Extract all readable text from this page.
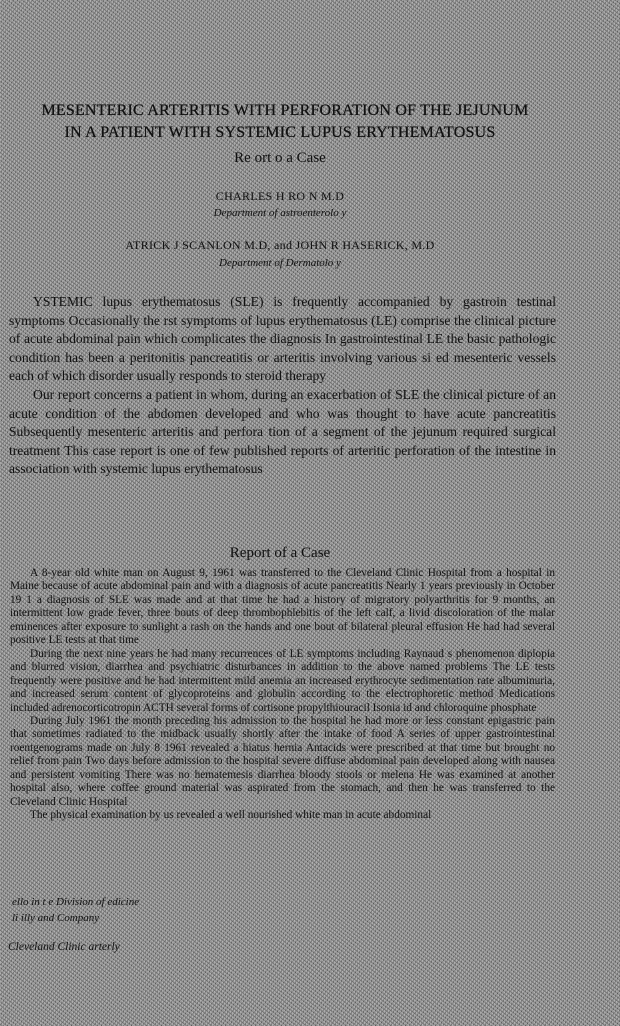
MESENTERIC ARTERITIS WITH PERFORATION OF THE JEJUNUM
IN A PATIENT WITH SYSTEMIC LUPUS ERYTHEMATOSUS
Re ort o a Case
CHARLES H RO N M.D
Department of astroenterolo y
ATRICK J SCANLON M.D, and JOHN R HASERICK, M.D
Department of Dermatolo y

YSTEMIC lupus erythematosus (SLE) is frequently accompanied by gastroin testinal symptoms Occasionally the rst symptoms of lupus erythematosus (LE) comprise the clinical picture of acute abdominal pain which complicates the diagnosis In gastrointestinal LE the basic pathologic condition has been a peritonitis pancreatitis or arteritis involving various si ed mesenteric vessels each of which disorder usually responds to steroid therapy

Our report concerns a patient in whom, during an exacerbation of SLE the clinical picture of an acute condition of the abdomen developed and who was thought to have acute pancreatitis Subsequently mesenteric arteritis and perfora tion of a segment of the jejunum required surgical treatment This case report is one of few published reports of arteritic perforation of the intestine in association with systemic lupus erythematosus

Report of a Case

A 8-year old white man on August 9, 1961 was transferred to the Cleveland Clinic Hospital from a hospital in Maine because of acute abdominal pain and with a diagnosis of acute pancreatitis Nearly 1 years previously in October 19 1 a diagnosis of SLE was made and at that time he had a history of migratory polyarthritis for 9 months, an intermittent low grade fever, three bouts of deep thrombophlebitis of the left calf, a livid discoloration of the malar eminences after exposure to sunlight a rash on the hands and one bout of bilateral pleural effusion He had had several positive LE tests at that time

During the next nine years he had many recurrences of LE symptoms including Raynaud s phenomenon diplopia and blurred vision, diarrhea and psychiatric disturbances in addition to the above named problems The LE tests frequently were positive and he had intermittent mild anemia an increased erythrocyte sedimentation rate albuminuria, and increased serum content of glycoproteins and globulin according to the electrophoretic method Medications included adrenocorticotropin ACTH several forms of cortisone propylthiouracil Isonia id and chloroquine phosphate

During July 1961 the month preceding his admission to the hospital he had more or less constant epigastric pain that sometimes radiated to the midback usually shortly after the intake of food A series of upper gastrointestinal roentgenograms made on July 8 1961 revealed a hiatus hernia Antacids were prescribed at that time but brought no relief from pain Two days before admission to the hospital severe diffuse abdominal pain developed along with nausea and persistent vomiting There was no hematemesis diarrhea bloody stools or melena He was examined at another hospital also, where coffee ground material was aspirated from the stomach, and then he was transferred to the Cleveland Clinic Hospital

The physical examination by us revealed a well nourished white man in acute abdominal

ello in t e Division of edicine
li illy and Company
Cleveland Clinic arterly
